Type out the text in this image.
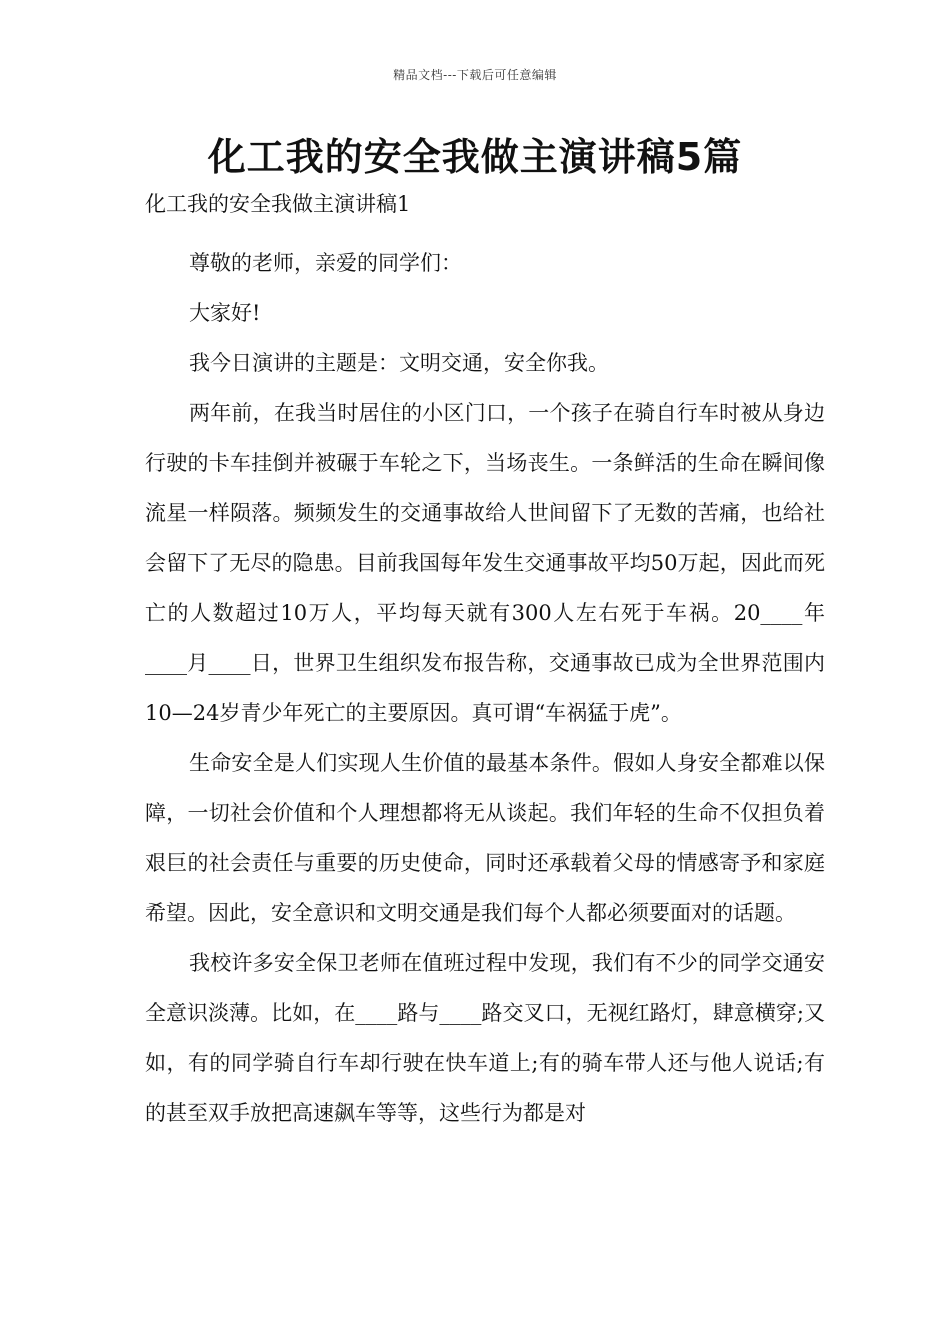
精品文档---下载后可任意编辑
化工我的安全我做主演讲稿5篇
化工我的安全我做主演讲稿1

尊敬的老师，亲爱的同学们：

大家好!

我今日演讲的主题是：文明交通，安全你我。

两年前，在我当时居住的小区门口，一个孩子在骑自行车时被从身边行驶的卡车挂倒并被碾于车轮之下，当场丧生。一条鲜活的生命在瞬间像流星一样陨落。频频发生的交通事故给人世间留下了无数的苦痛，也给社会留下了无尽的隐患。目前我国每年发生交通事故平均50万起，因此而死亡的人数超过10万人，平均每天就有300人左右死于车祸。20____年____月____日，世界卫生组织发布报告称，交通事故已成为全世界范围内10—24岁青少年死亡的主要原因。真可谓“车祸猛于虎”。

生命安全是人们实现人生价值的最基本条件。假如人身安全都难以保障，一切社会价值和个人理想都将无从谈起。我们年轻的生命不仅担负着艰巨的社会责任与重要的历史使命，同时还承载着父母的情感寄予和家庭希望。因此，安全意识和文明交通是我们每个人都必须要面对的话题。

我校许多安全保卫老师在值班过程中发现，我们有不少的同学交通安全意识淡薄。比如，在____路与____路交叉口，无视红路灯，肆意横穿;又如，有的同学骑自行车却行驶在快车道上;有的骑车带人还与他人说话;有的甚至双手放把高速飙车等等，这些行为都是对
